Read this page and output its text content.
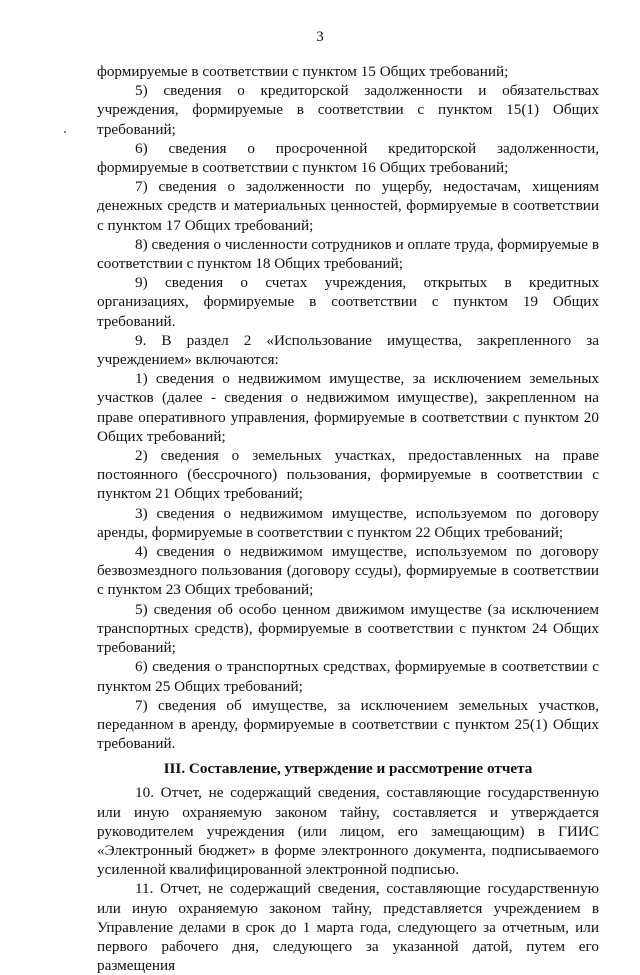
3

формируемые в соответствии с пунктом 15 Общих требований;

5) сведения о кредиторской задолженности и обязательствах учреждения, формируемые в соответствии с пунктом 15(1) Общих требований;

6) сведения о просроченной кредиторской задолженности, формируемые в соответствии с пунктом 16 Общих требований;

7) сведения о задолженности по ущербу, недостачам, хищениям денежных средств и материальных ценностей, формируемые в соответствии с пунктом 17 Общих требований;

8) сведения о численности сотрудников и оплате труда, формируемые в соответствии с пунктом 18 Общих требований;

9) сведения о счетах учреждения, открытых в кредитных организациях, формируемые в соответствии с пунктом 19 Общих требований.

9. В раздел 2 «Использование имущества, закрепленного за учреждением» включаются:

1) сведения о недвижимом имуществе, за исключением земельных участков (далее - сведения о недвижимом имуществе), закрепленном на праве оперативного управления, формируемые в соответствии с пунктом 20 Общих требований;

2) сведения о земельных участках, предоставленных на праве постоянного (бессрочного) пользования, формируемые в соответствии с пунктом 21 Общих требований;

3) сведения о недвижимом имуществе, используемом по договору аренды, формируемые в соответствии с пунктом 22 Общих требований;

4) сведения о недвижимом имуществе, используемом по договору безвозмездного пользования (договору ссуды), формируемые в соответствии с пунктом 23 Общих требований;

5) сведения об особо ценном движимом имуществе (за исключением транспортных средств), формируемые в соответствии с пунктом 24 Общих требований;

6) сведения о транспортных средствах, формируемые в соответствии с пунктом 25 Общих требований;

7) сведения об имуществе, за исключением земельных участков, переданном в аренду, формируемые в соответствии с пунктом 25(1) Общих требований.

III. Составление, утверждение и рассмотрение отчета

10. Отчет, не содержащий сведения, составляющие государственную или иную охраняемую законом тайну, составляется и утверждается руководителем учреждения (или лицом, его замещающим) в ГИИС «Электронный бюджет» в форме электронного документа, подписываемого усиленной квалифицированной электронной подписью.

11. Отчет, не содержащий сведения, составляющие государственную или иную охраняемую законом тайну, представляется учреждением в Управление делами в срок до 1 марта года, следующего за отчетным, или первого рабочего дня, следующего за указанной датой, путем его размещения
